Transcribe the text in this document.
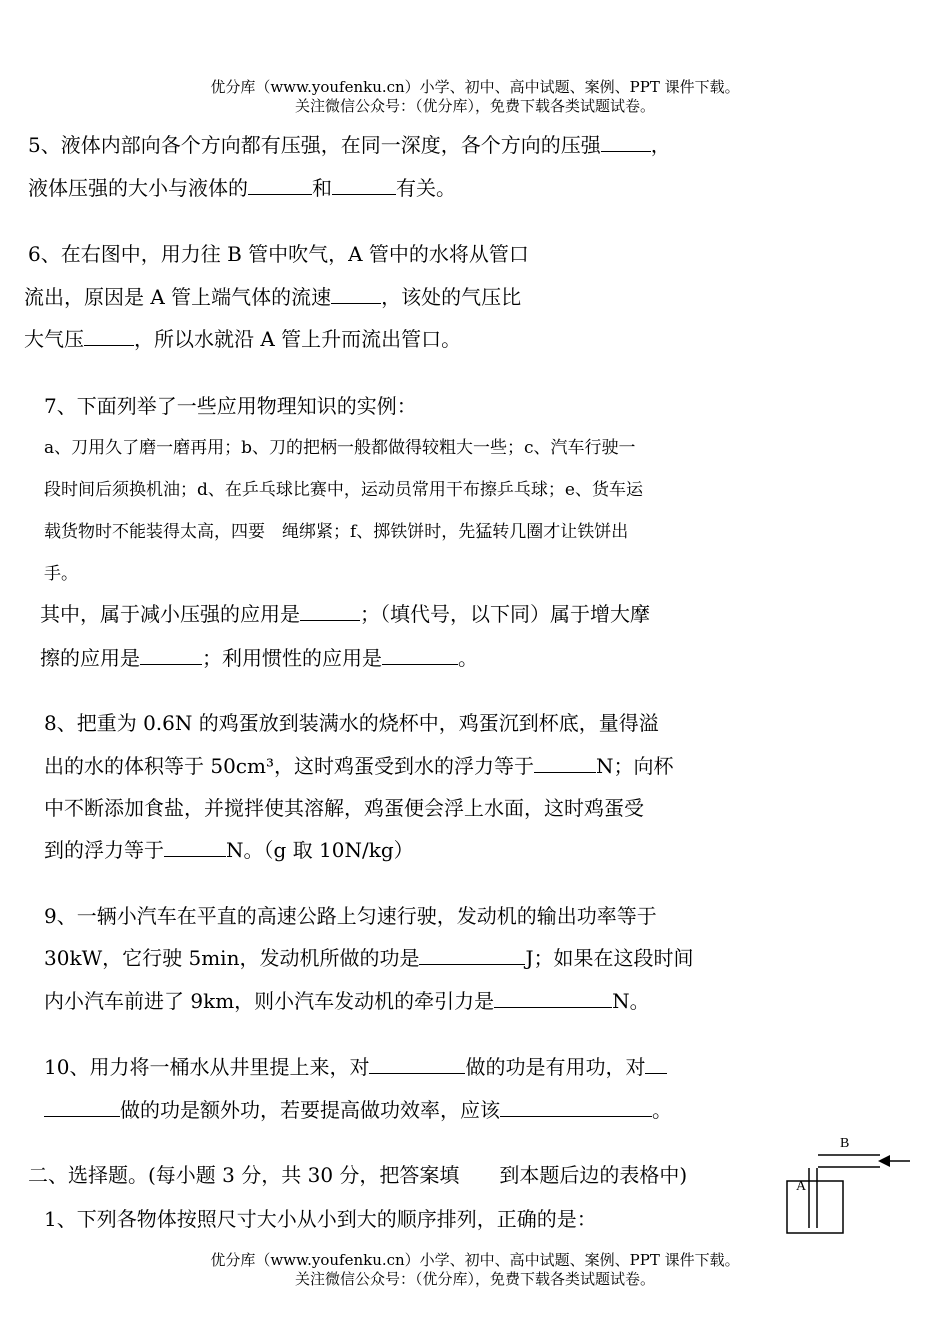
优分库（www.youfenku.cn）小学、初中、高中试题、案例、PPT 课件下载。
关注微信公众号：（优分库），免费下载各类试题试卷。
5、液体内部向各个方向都有压强，在同一深度，各个方向的压强	，
液体压强的大小与液体的	和	有关。
6、在右图中，用力往 B 管中吹气，A 管中的水将从管口
流出，原因是 A 管上端气体的流速	，该处的气压比
大气压	，所以水就沿 A 管上升而流出管口。
7、下面列举了一些应用物理知识的实例：
a、刀用久了磨一磨再用；b、刀的把柄一般都做得较粗大一些；c、汽车行驶一
段时间后须换机油；d、在乒乓球比赛中，运动员常用干布擦乒乓球；e、货车运
载货物时不能装得太高，四要　绳绑紧；f、掷铁饼时，先猛转几圈才让铁饼出
手。
其中，属于减小压强的应用是	；（填代号，以下同）属于增大摩
擦的应用是	；利用惯性的应用是	。
8、把重为 0.6N 的鸡蛋放到装满水的烧杯中，鸡蛋沉到杯底，量得溢
出的水的体积等于 50cm³，这时鸡蛋受到水的浮力等于	N；向杯
中不断添加食盐，并搅拌使其溶解，鸡蛋便会浮上水面，这时鸡蛋受
到的浮力等于	N。（g 取 10N/kg）
9、一辆小汽车在平直的高速公路上匀速行驶，发动机的输出功率等于
30kW，它行驶 5min，发动机所做的功是	J；如果在这段时间
内小汽车前进了 9km，则小汽车发动机的牵引力是	N。
10、用力将一桶水从井里提上来，对	做的功是有用功，对
做的功是额外功，若要提高做功效率，应该	。
二、选择题。(每小题 3 分，共 30 分，把答案填　　到本题后边的表格中)
1、下列各物体按照尺寸大小从小到大的顺序排列，正确的是：
B
A
优分库（www.youfenku.cn）小学、初中、高中试题、案例、PPT 课件下载。
关注微信公众号：（优分库），免费下载各类试题试卷。
